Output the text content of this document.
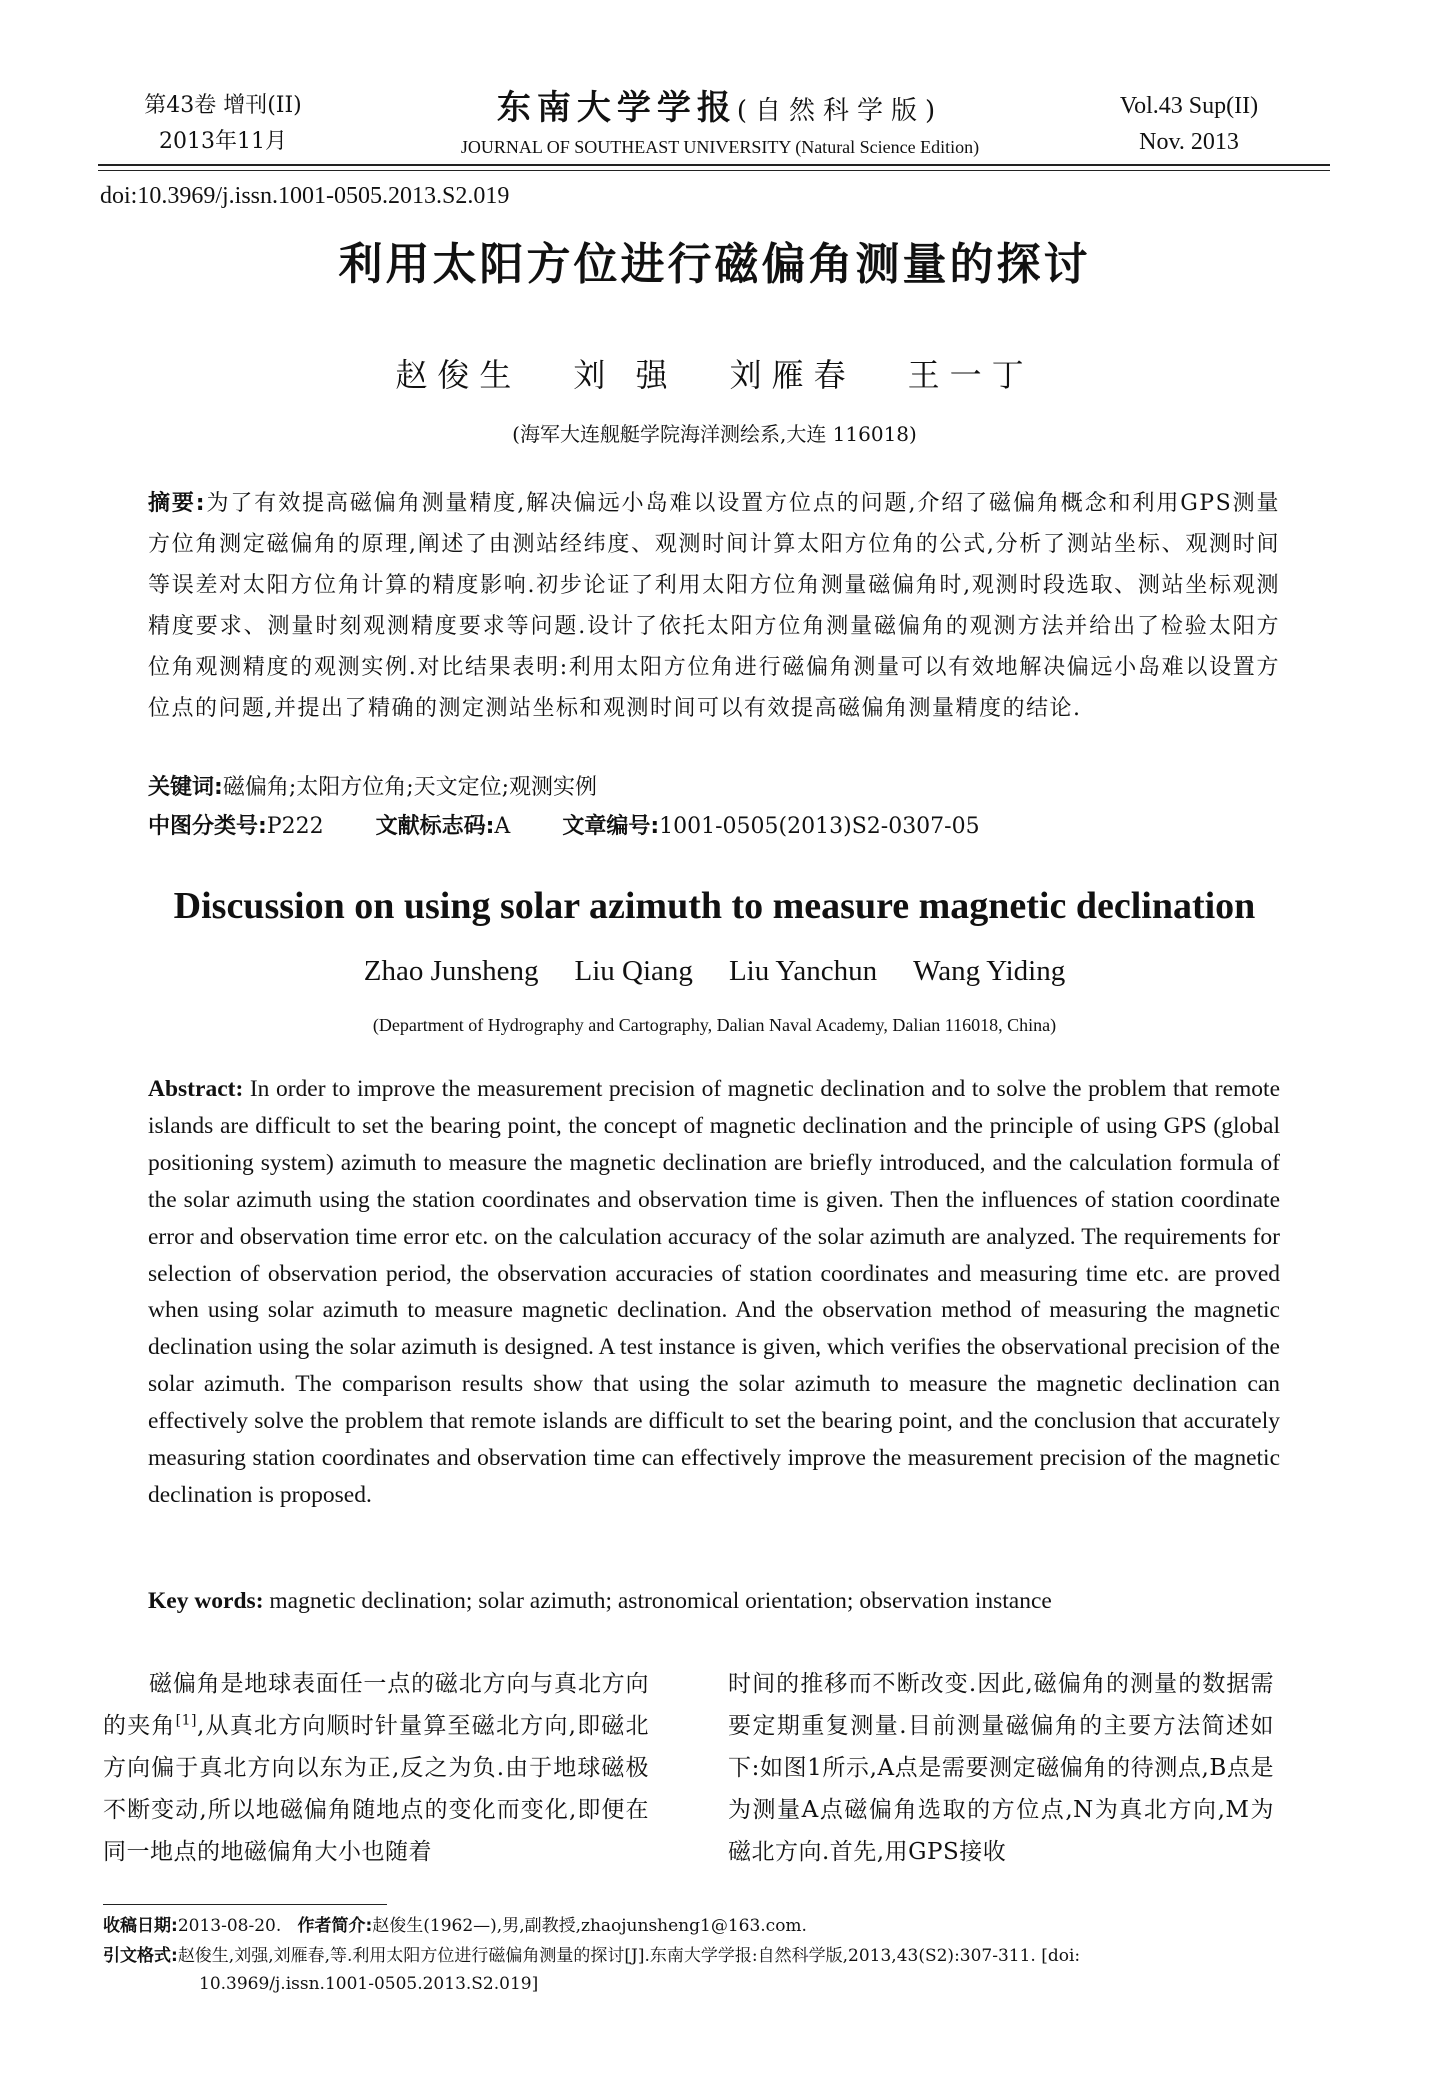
第43卷 增刊(II)
2013年11月
东南大学学报(自然科学版)
JOURNAL OF SOUTHEAST UNIVERSITY (Natural Science Edition)
Vol.43 Sup(II)
Nov. 2013
doi:10.3969/j.issn.1001-0505.2013.S2.019
利用太阳方位进行磁偏角测量的探讨
赵俊生 刘 强 刘雁春 王一丁
(海军大连舰艇学院海洋测绘系,大连 116018)
摘要:为了有效提高磁偏角测量精度,解决偏远小岛难以设置方位点的问题,介绍了磁偏角概念和利用GPS测量方位角测定磁偏角的原理,阐述了由测站经纬度、观测时间计算太阳方位角的公式,分析了测站坐标、观测时间等误差对太阳方位角计算的精度影响.初步论证了利用太阳方位角测量磁偏角时,观测时段选取、测站坐标观测精度要求、测量时刻观测精度要求等问题.设计了依托太阳方位角测量磁偏角的观测方法并给出了检验太阳方位角观测精度的观测实例.对比结果表明:利用太阳方位角进行磁偏角测量可以有效地解决偏远小岛难以设置方位点的问题,并提出了精确的测定测站坐标和观测时间可以有效提高磁偏角测量精度的结论.
关键词:磁偏角;太阳方位角;天文定位;观测实例
中图分类号:P222 文献标志码:A 文章编号:1001-0505(2013)S2-0307-05
Discussion on using solar azimuth to measure magnetic declination
Zhao Junsheng Liu Qiang Liu Yanchun Wang Yiding
(Department of Hydrography and Cartography, Dalian Naval Academy, Dalian 116018, China)
Abstract: In order to improve the measurement precision of magnetic declination and to solve the problem that remote islands are difficult to set the bearing point, the concept of magnetic declination and the principle of using GPS (global positioning system) azimuth to measure the magnetic declination are briefly introduced, and the calculation formula of the solar azimuth using the station coordinates and observation time is given. Then the influences of station coordinate error and observation time error etc. on the calculation accuracy of the solar azimuth are analyzed. The requirements for selection of observation period, the observation accuracies of station coordinates and measuring time etc. are proved when using solar azimuth to measure magnetic declination. And the observation method of measuring the magnetic declination using the solar azimuth is designed. A test instance is given, which verifies the observational precision of the solar azimuth. The comparison results show that using the solar azimuth to measure the magnetic declination can effectively solve the problem that remote islands are difficult to set the bearing point, and the conclusion that accurately measuring station coordinates and observation time can effectively improve the measurement precision of the magnetic declination is proposed.
Key words: magnetic declination; solar azimuth; astronomical orientation; observation instance
磁偏角是地球表面任一点的磁北方向与真北方向的夹角[1],从真北方向顺时针量算至磁北方向,即磁北方向偏于真北方向以东为正,反之为负.由于地球磁极不断变动,所以地磁偏角随地点的变化而变化,即便在同一地点的地磁偏角大小也随着
时间的推移而不断改变.因此,磁偏角的测量的数据需要定期重复测量.目前测量磁偏角的主要方法简述如下:如图1所示,A点是需要测定磁偏角的待测点,B点是为测量A点磁偏角选取的方位点,N为真北方向,M为磁北方向.首先,用GPS接收
收稿日期:2013-08-20. 作者简介:赵俊生(1962—),男,副教授,zhaojunsheng1@163.com.
引文格式:赵俊生,刘强,刘雁春,等.利用太阳方位进行磁偏角测量的探讨[J].东南大学学报:自然科学版,2013,43(S2):307-311. [doi:
10.3969/j.issn.1001-0505.2013.S2.019]
